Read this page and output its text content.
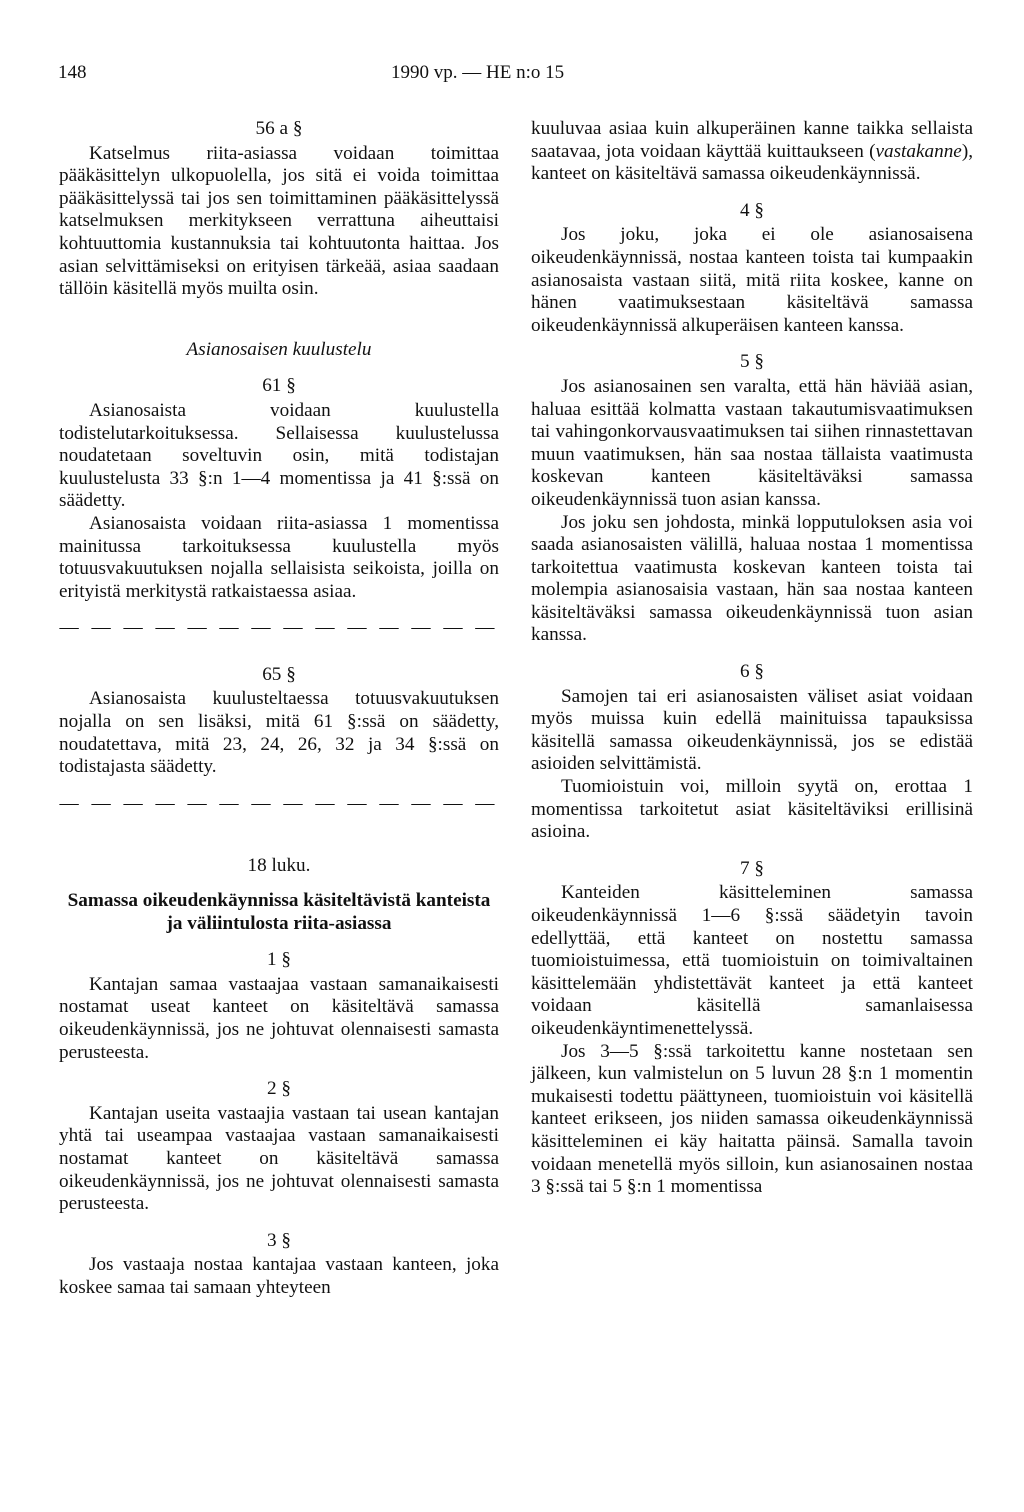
148	1990 vp. — HE n:o 15
56 a §

Katselmus riita-asiassa voidaan toimittaa pääkäsittelyn ulkopuolella, jos sitä ei voida toimittaa pääkäsittelyssä tai jos sen toimittaminen pääkäsittelyssä katselmuksen merkitykseen verrattuna aiheuttaisi kohtuuttomia kustannuksia tai kohtuutonta haittaa. Jos asian selvittämiseksi on erityisen tärkeää, asiaa saadaan tällöin käsitellä myös muilta osin.

Asianosaisen kuulustelu
61 §

Asianosaista voidaan kuulustella todistelutarkoituksessa. Sellaisessa kuulustelussa noudatetaan soveltuvin osin, mitä todistajan kuulustelusta 33 §:n 1—4 momentissa ja 41 §:ssä on säädetty.

Asianosaista voidaan riita-asiassa 1 momentissa mainitussa tarkoituksessa kuulustella myös totuusvakuutuksen nojalla sellaisista seikoista, joilla on erityistä merkitystä ratkaistaessa asiaa.

— — — — — — — — — — — — — —
65 §

Asianosaista kuulusteltaessa totuusvakuutuksen nojalla on sen lisäksi, mitä 61 §:ssä on säädetty, noudatettava, mitä 23, 24, 26, 32 ja 34 §:ssä on todistajasta säädetty.

— — — — — — — — — — — — — —
18 luku.
Samassa oikeudenkäynnissa käsiteltävistä kanteista ja väliintulosta riita-asiassa
1 §

Kantajan samaa vastaajaa vastaan samanaikaisesti nostamat useat kanteet on käsiteltävä samassa oikeudenkäynnissä, jos ne johtuvat olennaisesti samasta perusteesta.

2 §

Kantajan useita vastaajia vastaan tai usean kantajan yhtä tai useampaa vastaajaa vastaan samanaikaisesti nostamat kanteet on käsiteltävä samassa oikeudenkäynnissä, jos ne johtuvat olennaisesti samasta perusteesta.

3 §

Jos vastaaja nostaa kantajaa vastaan kanteen, joka koskee samaa tai samaan yhteyteen

kuuluvaa asiaa kuin alkuperäinen kanne taikka sellaista saatavaa, jota voidaan käyttää kuittaukseen (vastakanne), kanteet on käsiteltävä samassa oikeudenkäynnissä.

4 §

Jos joku, joka ei ole asianosaisena oikeudenkäynnissä, nostaa kanteen toista tai kumpaakin asianosaista vastaan siitä, mitä riita koskee, kanne on hänen vaatimuksestaan käsiteltävä samassa oikeudenkäynnissä alkuperäisen kanteen kanssa.

5 §

Jos asianosainen sen varalta, että hän häviää asian, haluaa esittää kolmatta vastaan takautumisvaatimuksen tai vahingonkorvausvaatimuksen tai siihen rinnastettavan muun vaatimuksen, hän saa nostaa tällaista vaatimusta koskevan kanteen käsiteltäväksi samassa oikeudenkäynnissä tuon asian kanssa.

Jos joku sen johdosta, minkä lopputuloksen asia voi saada asianosaisten välillä, haluaa nostaa 1 momentissa tarkoitettua vaatimusta koskevan kanteen toista tai molempia asianosaisia vastaan, hän saa nostaa kanteen käsiteltäväksi samassa oikeudenkäynnissä tuon asian kanssa.

6 §

Samojen tai eri asianosaisten väliset asiat voidaan myös muissa kuin edellä mainituissa tapauksissa käsitellä samassa oikeudenkäynnissä, jos se edistää asioiden selvittämistä.

Tuomioistuin voi, milloin syytä on, erottaa 1 momentissa tarkoitetut asiat käsiteltäviksi erillisinä asioina.

7 §

Kanteiden käsitteleminen samassa oikeudenkäynnissä 1—6 §:ssä säädetyin tavoin edellyttää, että kanteet on nostettu samassa tuomioistuimessa, että tuomioistuin on toimivaltainen käsittelemään yhdistettävät kanteet ja että kanteet voidaan käsitellä samanlaisessa oikeudenkäyntimenettelyssä.

Jos 3—5 §:ssä tarkoitettu kanne nostetaan sen jälkeen, kun valmistelun on 5 luvun 28 §:n 1 momentin mukaisesti todettu päättyneen, tuomioistuin voi käsitellä kanteet erikseen, jos niiden samassa oikeudenkäynnissä käsitteleminen ei käy haitatta päinsä. Samalla tavoin voidaan menetellä myös silloin, kun asianosainen nostaa 3 §:ssä tai 5 §:n 1 momentissa
